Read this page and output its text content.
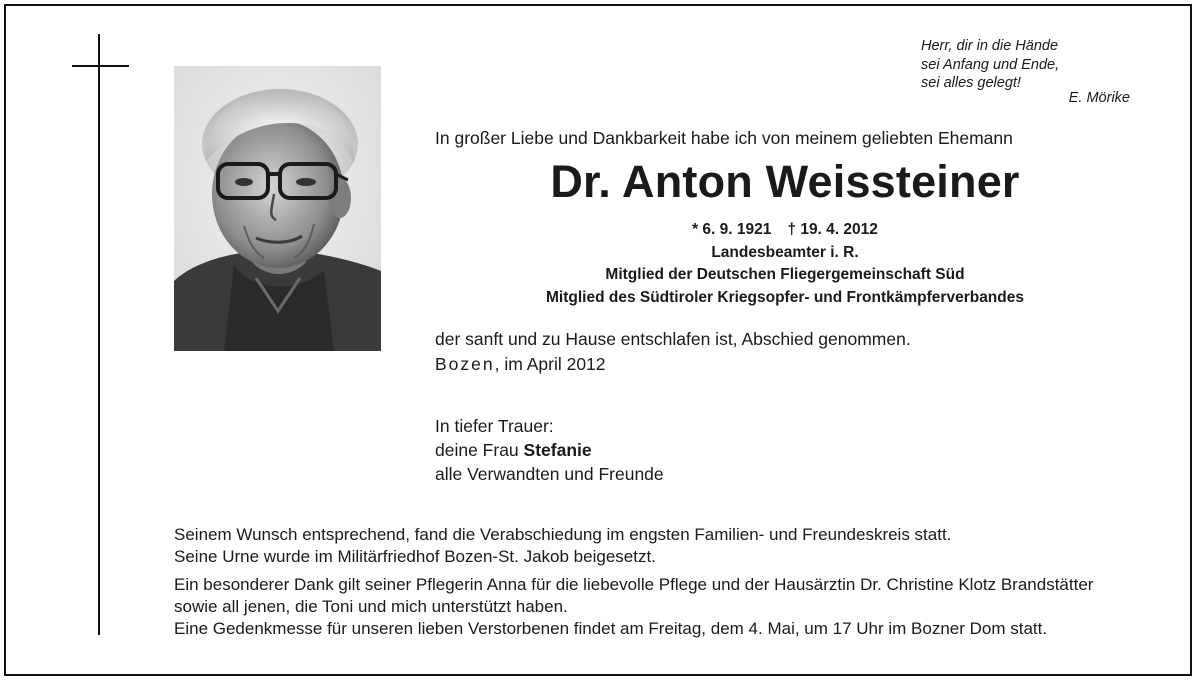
Herr, dir in die Hände
sei Anfang und Ende,
sei alles gelegt!
E. Mörike
In großer Liebe und Dankbarkeit habe ich von meinem geliebten Ehemann
Dr. Anton Weissteiner
* 6. 9. 1921 † 19. 4. 2012
Landesbeamter i. R.
Mitglied der Deutschen Fliegergemeinschaft Süd
Mitglied des Südtiroler Kriegsopfer- und Frontkämpferverbandes
der sanft und zu Hause entschlafen ist, Abschied genommen.
Bozen, im April 2012
In tiefer Trauer:
deine Frau Stefanie
alle Verwandten und Freunde
Seinem Wunsch entsprechend, fand die Verabschiedung im engsten Familien- und Freundeskreis statt.
Seine Urne wurde im Militärfriedhof Bozen-St. Jakob beigesetzt.
Ein besonderer Dank gilt seiner Pflegerin Anna für die liebevolle Pflege und der Hausärztin Dr. Christine Klotz Brandstätter
sowie all jenen, die Toni und mich unterstützt haben.
Eine Gedenkmesse für unseren lieben Verstorbenen findet am Freitag, dem 4. Mai, um 17 Uhr im Bozner Dom statt.
